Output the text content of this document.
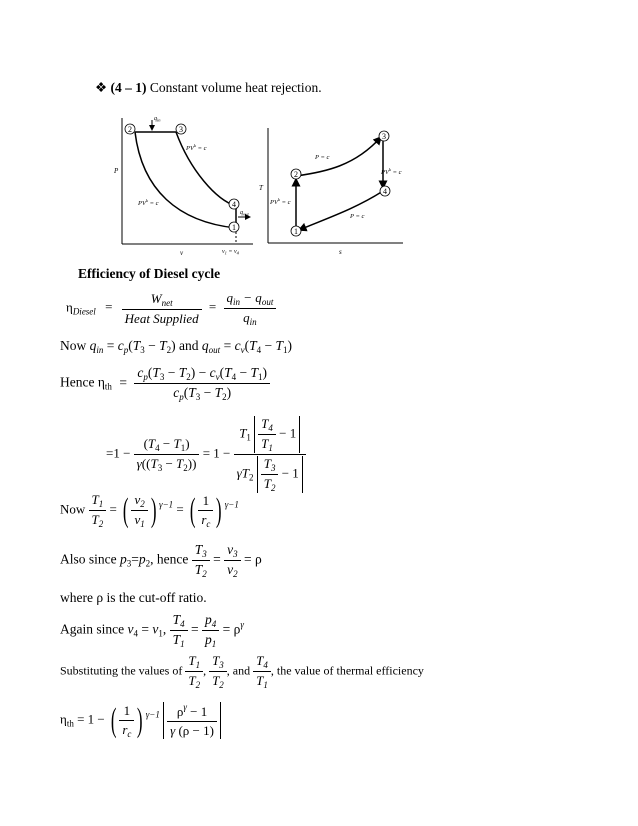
❖ (4 – 1) Constant volume heat rejection.
2	3
4
1
$q_{in}$
$q_{out}$
$PV^k = c$
$PV^k = c$
P
v	$v_1 = v_4$
1
2
3
4
P = c
P = c
$PV^k = c$
$PV^k = c$
T
s
Efficiency of Diesel cycle
$\eta_{Diesel} = \frac{W_{net}}{\text{Heat Supplied}} = \frac{q_{in} - q_{out}}{q_{in}}$
Now $q_{in} = c_p(T_3 - T_2)$ and $q_{out} = c_v(T_4 - T_1)$
Hence $\eta_{th} = \frac{c_p(T_3 - T_2) - c_v(T_4 - T_1)}{c_p(T_3 - T_2)}$
$=1 - \frac{(T_4 - T_1)}{\gamma((T_3 - T_2))} = 1 - \frac{T_1 \frac{T_4}{T_1} - 1}{\gamma T_2 \frac{T_3}{T_2} - 1}$
Now $\frac{T_1}{T_2}$ = ( $\frac{v_2}{v_1}$ ) $^{\gamma-1}$ = ( $\frac{1}{r_c}$ ) $^{\gamma-1}$
Also since $p_3=p_2$, hence $\frac{T_3}{T_2} = \frac{v_3}{v_2} = \rho$
where ρ is the cut-off ratio.
Again since $v_4 = v_1$, $\frac{T_4}{T_1} = \frac{p_4}{p_1} = \rho^\gamma$
Substituting the values of $\frac{T_1}{T_2}$ , $\frac{T_3}{T_2}$ , and $\frac{T_4}{T_1}$ , the value of thermal efficiency
$\eta_{th} = 1$ − ( $\frac{1}{r_c}$ ) $^{\gamma-1} \frac{\rho^\gamma - 1}{\gamma (\rho - 1)}$
